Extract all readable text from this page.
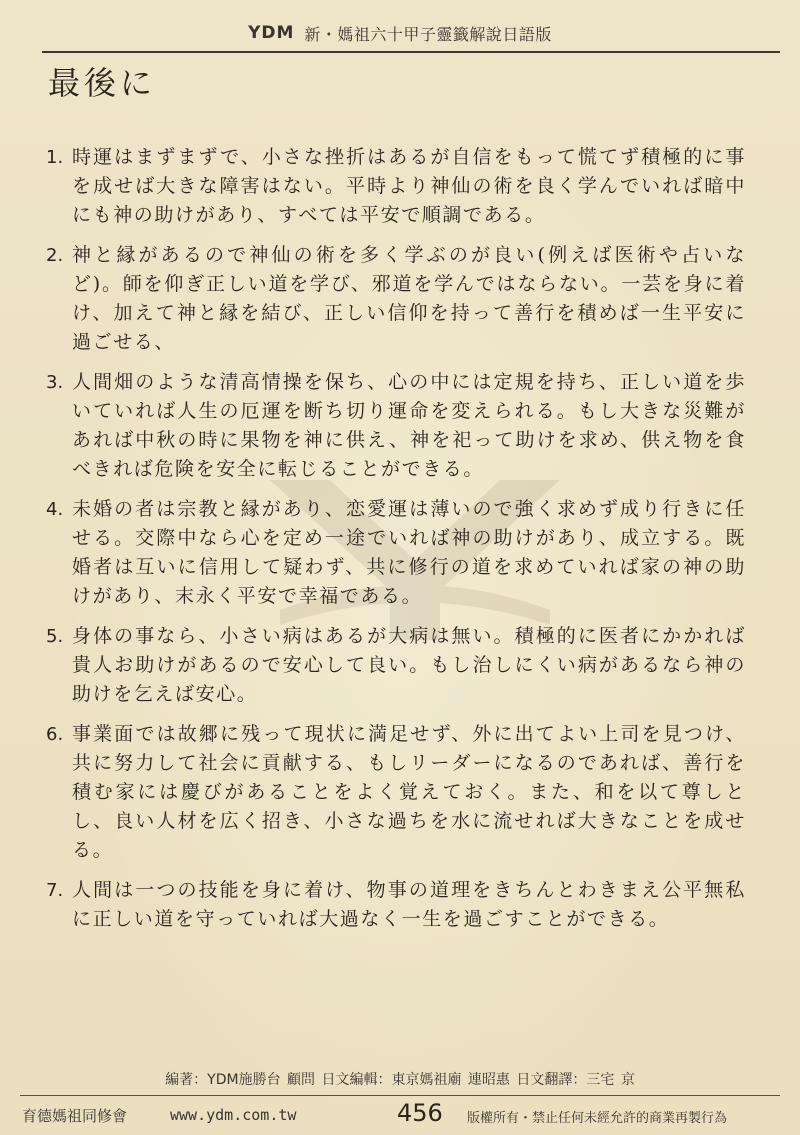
YDM 新・媽祖六十甲子靈籤解說日語版
最後に
1. 時運はまずまずで、小さな挫折はあるが自信をもって慌てず積極的に事を成せば大きな障害はない。平時より神仙の術を良く学んでいれば暗中にも神の助けがあり、すべては平安で順調である。
2. 神と縁があるので神仙の術を多く学ぶのが良い(例えば医術や占いなど)。師を仰ぎ正しい道を学び、邪道を学んではならない。一芸を身に着け、加えて神と縁を結び、正しい信仰を持って善行を積めば一生平安に過ごせる、
3. 人間畑のような清高情操を保ち、心の中には定規を持ち、正しい道を歩いていれば人生の厄運を断ち切り運命を変えられる。もし大きな災難があれば中秋の時に果物を神に供え、神を祀って助けを求め、供え物を食べきれば危険を安全に転じることができる。
4. 未婚の者は宗教と縁があり、恋愛運は薄いので強く求めず成り行きに任せる。交際中なら心を定め一途でいれば神の助けがあり、成立する。既婚者は互いに信用して疑わず、共に修行の道を求めていれば家の神の助けがあり、末永く平安で幸福である。
5. 身体の事なら、小さい病はあるが大病は無い。積極的に医者にかかれば貴人お助けがあるので安心して良い。もし治しにくい病があるなら神の助けを乞えば安心。
6. 事業面では故郷に残って現状に満足せず、外に出てよい上司を見つけ、共に努力して社会に貢献する、もしリーダーになるのであれば、善行を積む家には慶びがあることをよく覚えておく。また、和を以て尊しとし、良い人材を広く招き、小さな過ちを水に流せれば大きなことを成せる。
7. 人間は一つの技能を身に着け、物事の道理をきちんとわきまえ公平無私に正しい道を守っていれば大過なく一生を過ごすことができる。
編著：YDM施勝台 顧問 日文編輯：東京媽祖廟 連昭惠 日文翻譯：三宅 京
育德媽祖同修會	www.ydm.com.tw	456 版權所有・禁止任何未經允許的商業再製行為
